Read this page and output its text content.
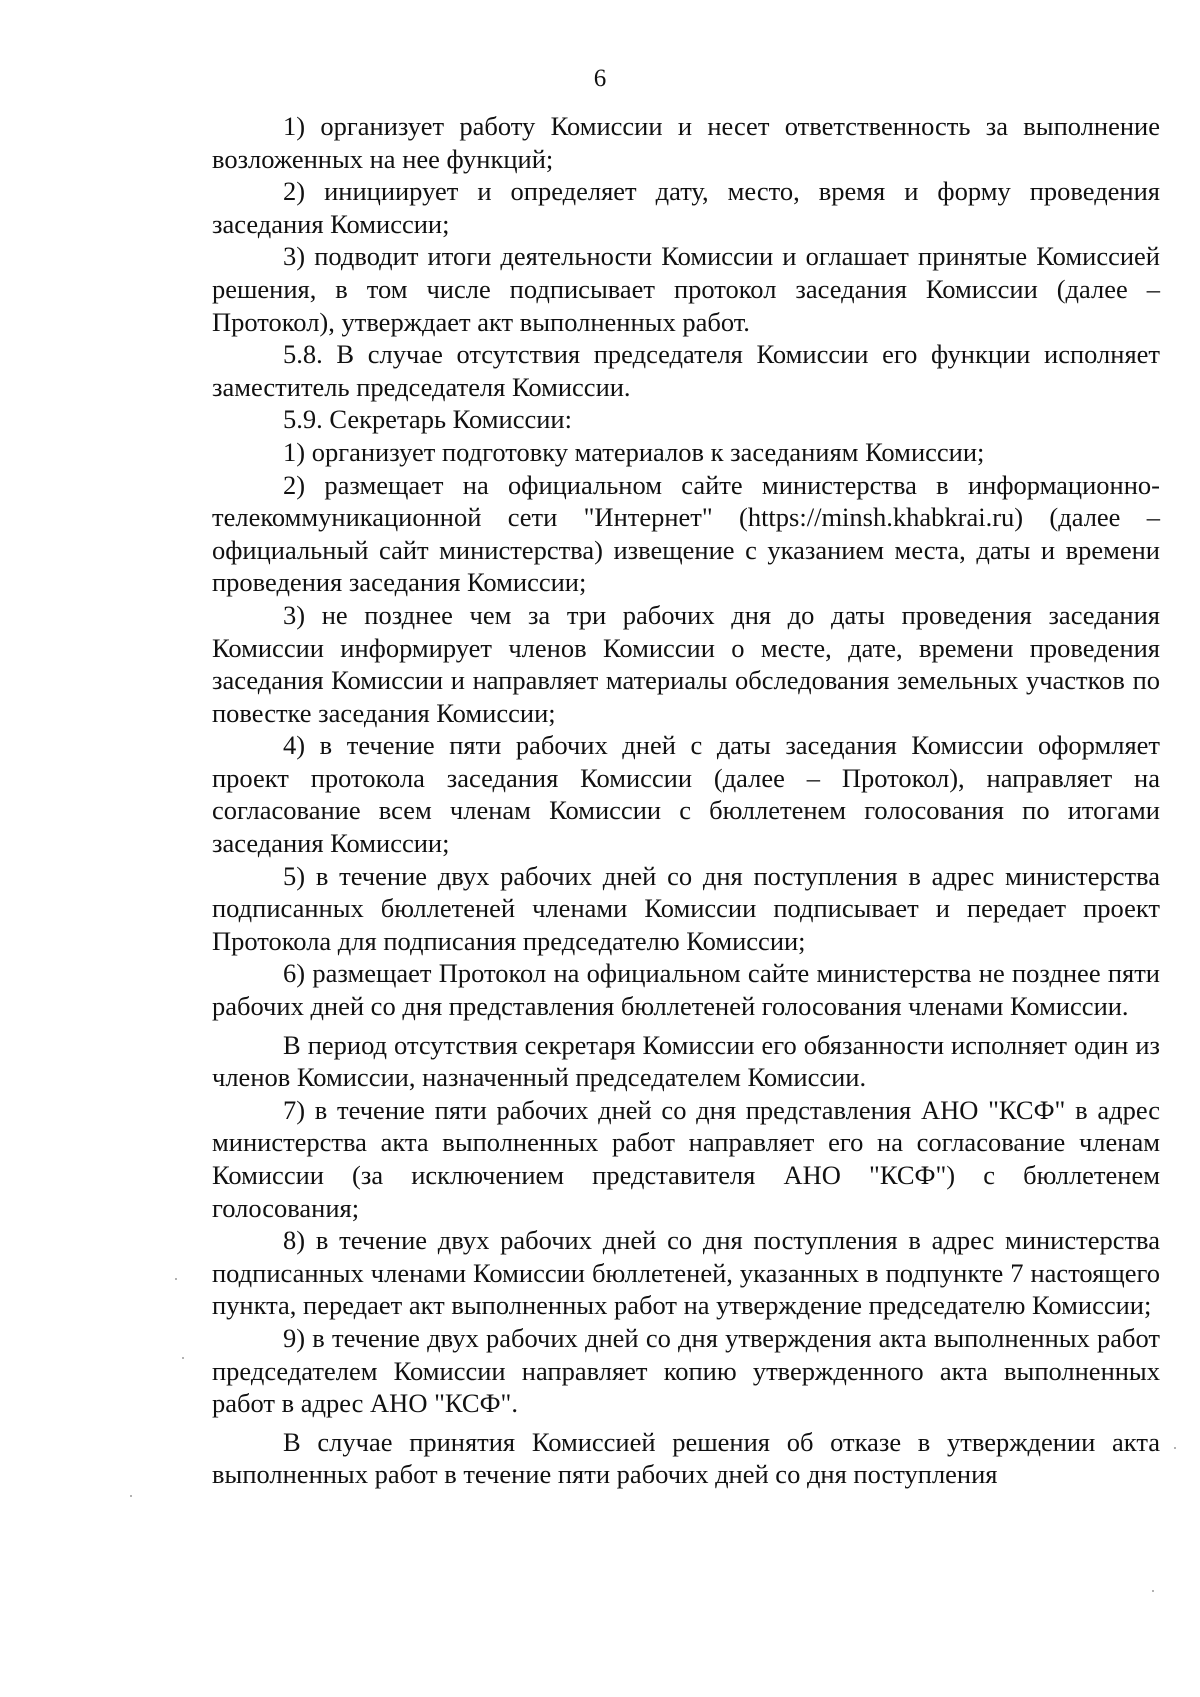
6

1) организует работу Комиссии и несет ответственность за выполнение возложенных на нее функций;

2) инициирует и определяет дату, место, время и форму проведения заседания Комиссии;

3) подводит итоги деятельности Комиссии и оглашает принятые Комиссией решения, в том числе подписывает протокол заседания Комиссии (далее – Протокол), утверждает акт выполненных работ.

5.8. В случае отсутствия председателя Комиссии его функции исполняет заместитель председателя Комиссии.

5.9. Секретарь Комиссии:

1) организует подготовку материалов к заседаниям Комиссии;

2) размещает на официальном сайте министерства в информационно-телекоммуникационной сети "Интернет" (https://minsh.khabkrai.ru) (далее – официальный сайт министерства) извещение с указанием места, даты и времени проведения заседания Комиссии;

3) не позднее чем за три рабочих дня до даты проведения заседания Комиссии информирует членов Комиссии о месте, дате, времени проведения заседания Комиссии и направляет материалы обследования земельных участков по повестке заседания Комиссии;

4) в течение пяти рабочих дней с даты заседания Комиссии оформляет проект протокола заседания Комиссии (далее – Протокол), направляет на согласование всем членам Комиссии с бюллетенем голосования по итогами заседания Комиссии;

5) в течение двух рабочих дней со дня поступления в адрес министерства подписанных бюллетеней членами Комиссии подписывает и передает проект Протокола для подписания председателю Комиссии;

6) размещает Протокол на официальном сайте министерства не позднее пяти рабочих дней со дня представления бюллетеней голосования членами Комиссии.

В период отсутствия секретаря Комиссии его обязанности исполняет один из членов Комиссии, назначенный председателем Комиссии.

7) в течение пяти рабочих дней со дня представления АНО "КСФ" в адрес министерства акта выполненных работ направляет его на согласование членам Комиссии (за исключением представителя АНО "КСФ") с бюллетенем голосования;

8) в течение двух рабочих дней со дня поступления в адрес министерства подписанных членами Комиссии бюллетеней, указанных в подпункте 7 настоящего пункта, передает акт выполненных работ на утверждение председателю Комиссии;

9) в течение двух рабочих дней со дня утверждения акта выполненных работ председателем Комиссии направляет копию утвержденного акта выполненных работ в адрес АНО "КСФ".

В случае принятия Комиссией решения об отказе в утверждении акта выполненных работ в течение пяти рабочих дней со дня поступления
